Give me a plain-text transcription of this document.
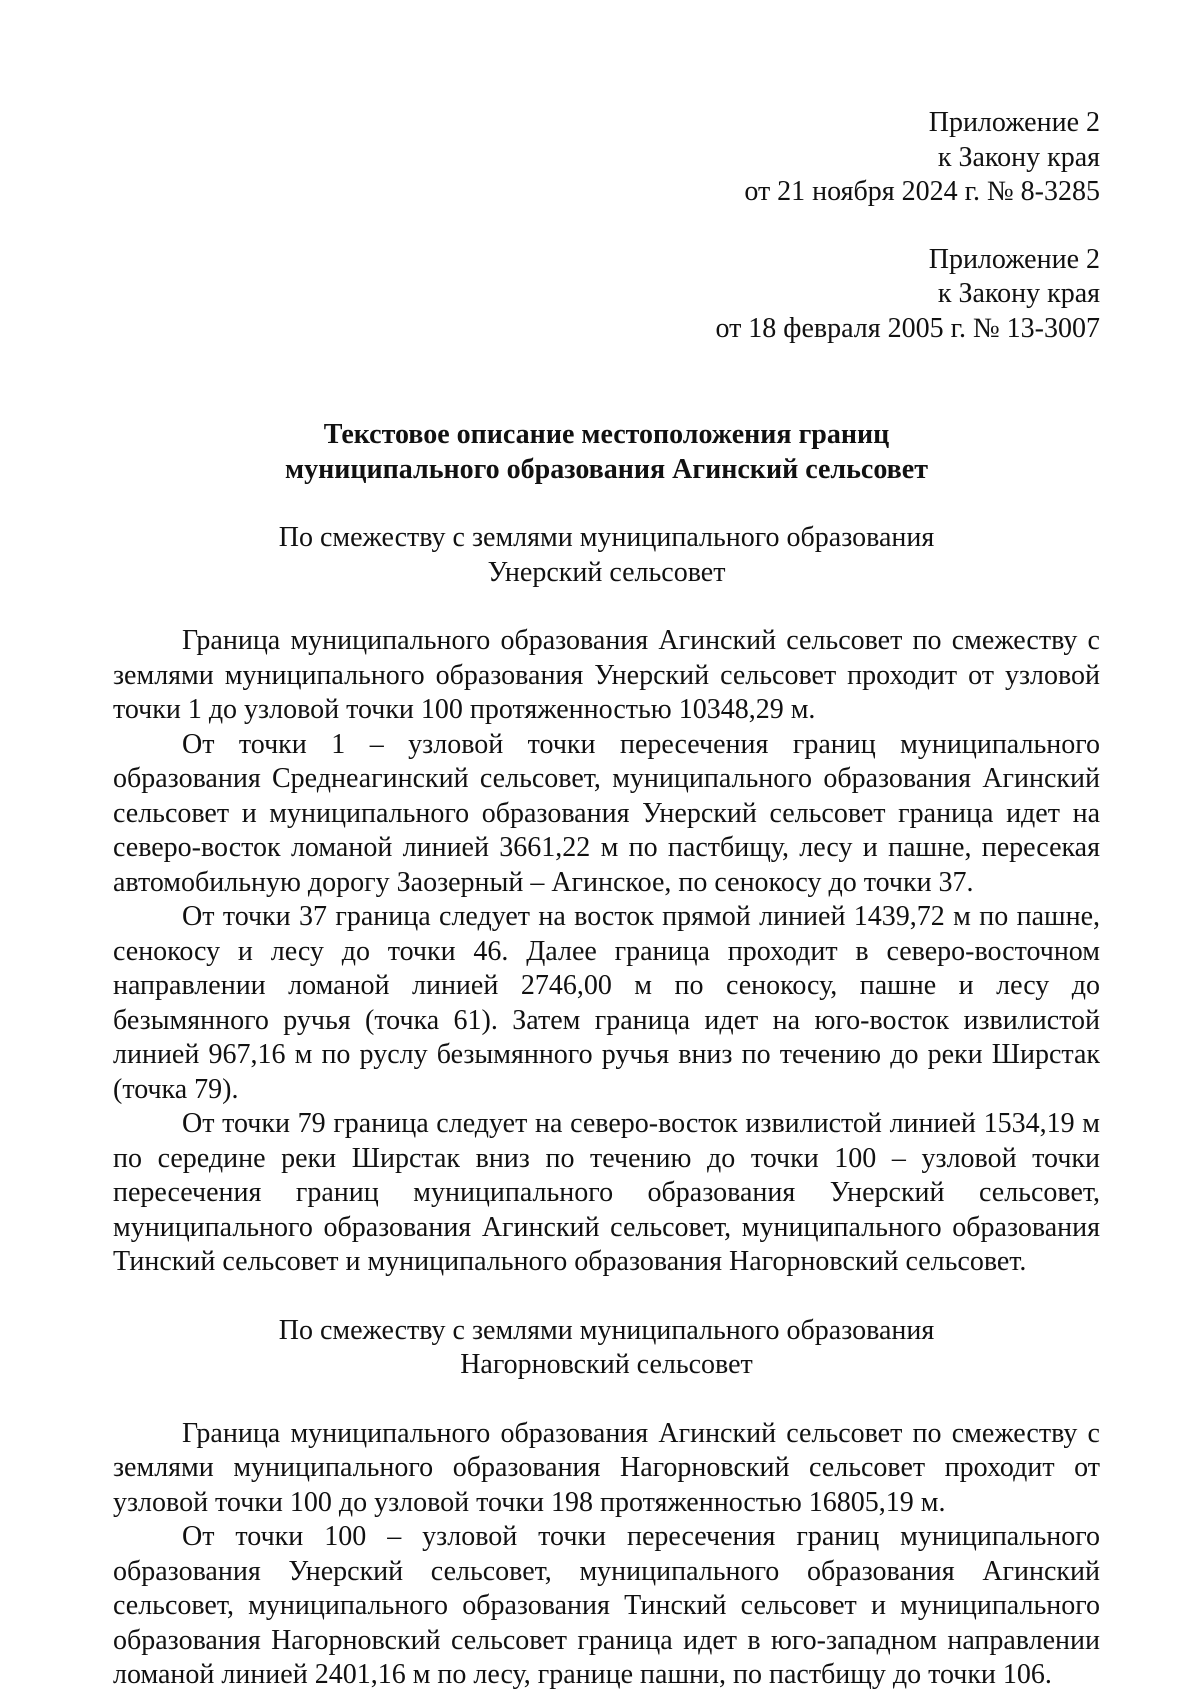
Приложение 2
к Закону края
от 21 ноября 2024 г. № 8-3285

Приложение 2
к Закону края
от 18 февраля 2005 г. № 13-3007

Текстовое описание местоположения границ
муниципального образования Агинский сельсовет
По смежеству с землями муниципального образования
Унерский сельсовет

Граница муниципального образования Агинский сельсовет по смежеству с землями муниципального образования Унерский сельсовет проходит от узловой точки 1 до узловой точки 100 протяженностью 10348,29 м.

От точки 1 – узловой точки пересечения границ муниципального образования Среднеагинский сельсовет, муниципального образования Агинский сельсовет и муниципального образования Унерский сельсовет граница идет на северо-восток ломаной линией 3661,22 м по пастбищу, лесу и пашне, пересекая автомобильную дорогу Заозерный – Агинское, по сенокосу до точки 37.

От точки 37 граница следует на восток прямой линией 1439,72 м по пашне, сенокосу и лесу до точки 46. Далее граница проходит в северо-восточном направлении ломаной линией 2746,00 м по сенокосу, пашне и лесу до безымянного ручья (точка 61). Затем граница идет на юго-восток извилистой линией 967,16 м по руслу безымянного ручья вниз по течению до реки Ширстак (точка 79).

От точки 79 граница следует на северо-восток извилистой линией 1534,19 м по середине реки Ширстак вниз по течению до точки 100 – узловой точки пересечения границ муниципального образования Унерский сельсовет, муниципального образования Агинский сельсовет, муниципального образования Тинский сельсовет и муниципального образования Нагорновский сельсовет.

По смежеству с землями муниципального образования
Нагорновский сельсовет

Граница муниципального образования Агинский сельсовет по смежеству с землями муниципального образования Нагорновский сельсовет проходит от узловой точки 100 до узловой точки 198 протяженностью 16805,19 м.

От точки 100 – узловой точки пересечения границ муниципального образования Унерский сельсовет, муниципального образования Агинский сельсовет, муниципального образования Тинский сельсовет и муниципального образования Нагорновский сельсовет граница идет в юго-западном направлении ломаной линией 2401,16 м по лесу, границе пашни, по пастбищу до точки 106.
